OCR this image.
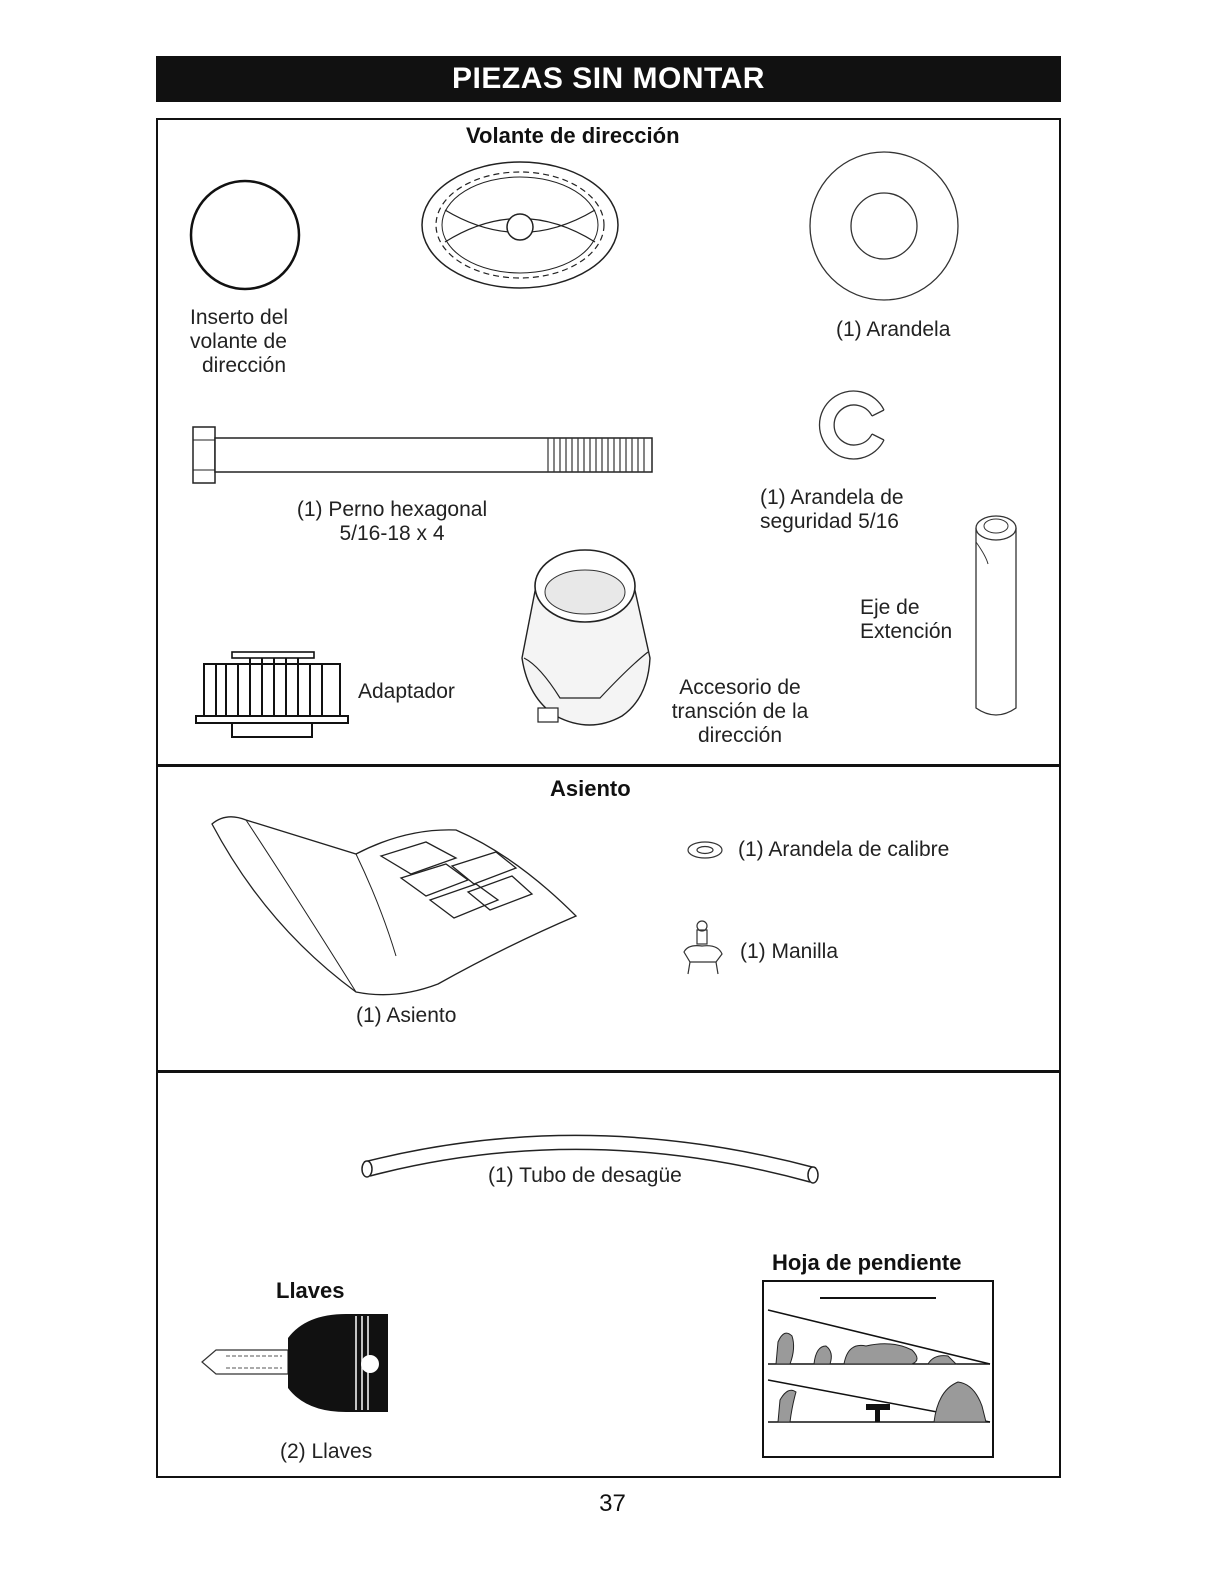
PIEZAS SIN MONTAR
Volante de dirección
Inserto del
volante de
dirección
(1) Arandela
(1) Perno hexagonal
5/16-18 x 4
(1) Arandela de
seguridad 5/16
Eje de
Extención
Adaptador	Accesorio de
transción de la
dirección
Asiento
(1) Asiento
(1) Arandela de calibre
(1) Manilla
(1) Tubo de desagüe
Llaves
(2) Llaves
Hoja de pendiente
37
